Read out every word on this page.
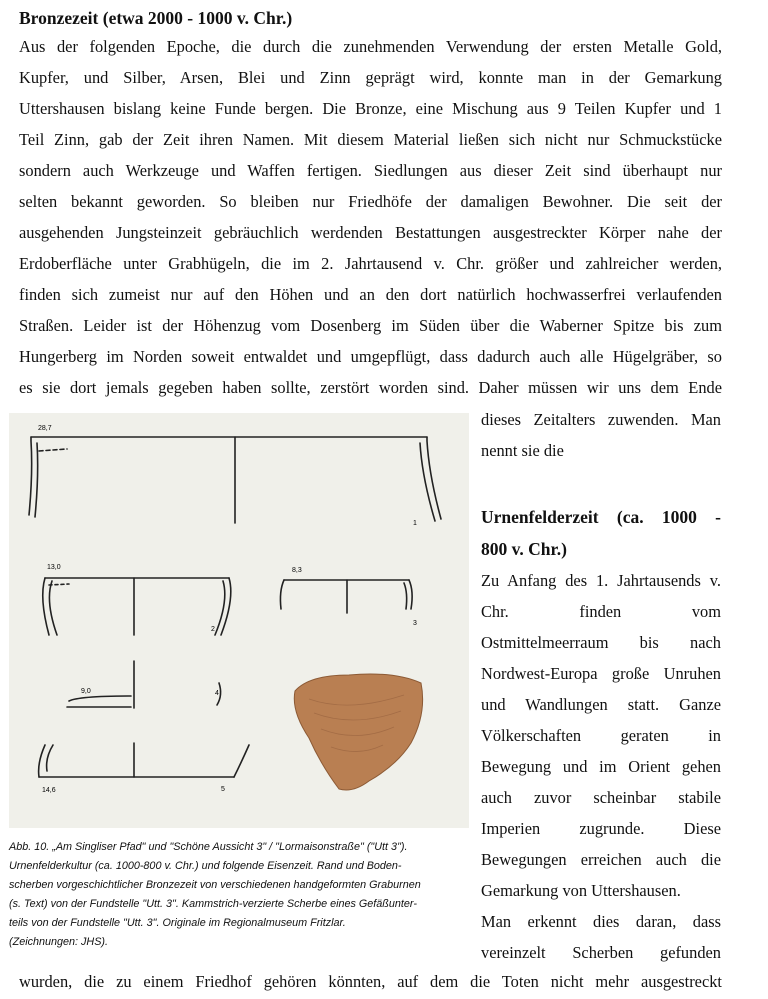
Bronzezeit (etwa 2000 - 1000 v. Chr.)
Aus der folgenden Epoche, die durch die zunehmenden Verwendung der ersten Metalle Gold,
Kupfer, und Silber, Arsen, Blei und Zinn geprägt wird, konnte man in der Gemarkung
Uttershausen bislang keine Funde bergen. Die Bronze, eine Mischung aus 9 Teilen Kupfer und 1
Teil Zinn, gab der Zeit ihren Namen. Mit diesem Material ließen sich nicht nur Schmuckstücke
sondern auch Werkzeuge und Waffen fertigen. Siedlungen aus dieser Zeit sind überhaupt nur
selten bekannt geworden. So bleiben nur Friedhöfe der damaligen Bewohner. Die seit der
ausgehenden Jungsteinzeit gebräuchlich werdenden Bestattungen ausgestreckter Körper nahe der
Erdoberfläche unter Grabhügeln, die im 2. Jahrtausend v. Chr. größer und zahlreicher werden,
finden sich zumeist nur auf den Höhen und an den dort natürlich hochwasserfrei verlaufenden
Straßen. Leider ist der Höhenzug vom Dosenberg im Süden über die Waberner Spitze bis zum
Hungerberg im Norden soweit entwaldet und umgepflügt, dass dadurch auch alle Hügelgräber, so
es sie dort jemals gegeben haben sollte, zerstört worden sind. Daher müssen wir uns dem Ende
dieses Zeitalters zuwenden. Man
nennt sie die
Urnenfelderzeit (ca. 1000 -
800 v. Chr.)
Zu Anfang des 1. Jahrtausends v.
Chr. finden vom
Ostmittelmeerraum bis nach
Nordwest-Europa große Unruhen
und Wandlungen statt. Ganze
Völkerschaften geraten in
Bewegung und im Orient gehen
auch zuvor scheinbar stabile
Imperien zugrunde. Diese
Bewegungen erreichen auch die
Gemarkung von Uttershausen.
Man erkennt dies daran, dass
vereinzelt Scherben gefunden
28,7
13,0	8,3
9,0
14,6
1
2
3
4
5
Abb. 10. „Am Singliser Pfad" und "Schöne Aussicht 3" / "Lormaisonstraße" ("Utt 3").
Urnenfelderkultur (ca. 1000-800 v. Chr.) und folgende Eisenzeit. Rand und Boden-
scherben vorgeschichtlicher Bronzezeit von verschiedenen handgeformten Graburnen
(s. Text) von der Fundstelle "Utt. 3". Kammstrich-verzierte Scherbe eines Gefäßunter-
teils von der Fundstelle "Utt. 3". Originale im Regionalmuseum Fritzlar.
(Zeichnungen: JHS).
wurden, die zu einem Friedhof gehören könnten, auf dem die Toten nicht mehr ausgestreckt
